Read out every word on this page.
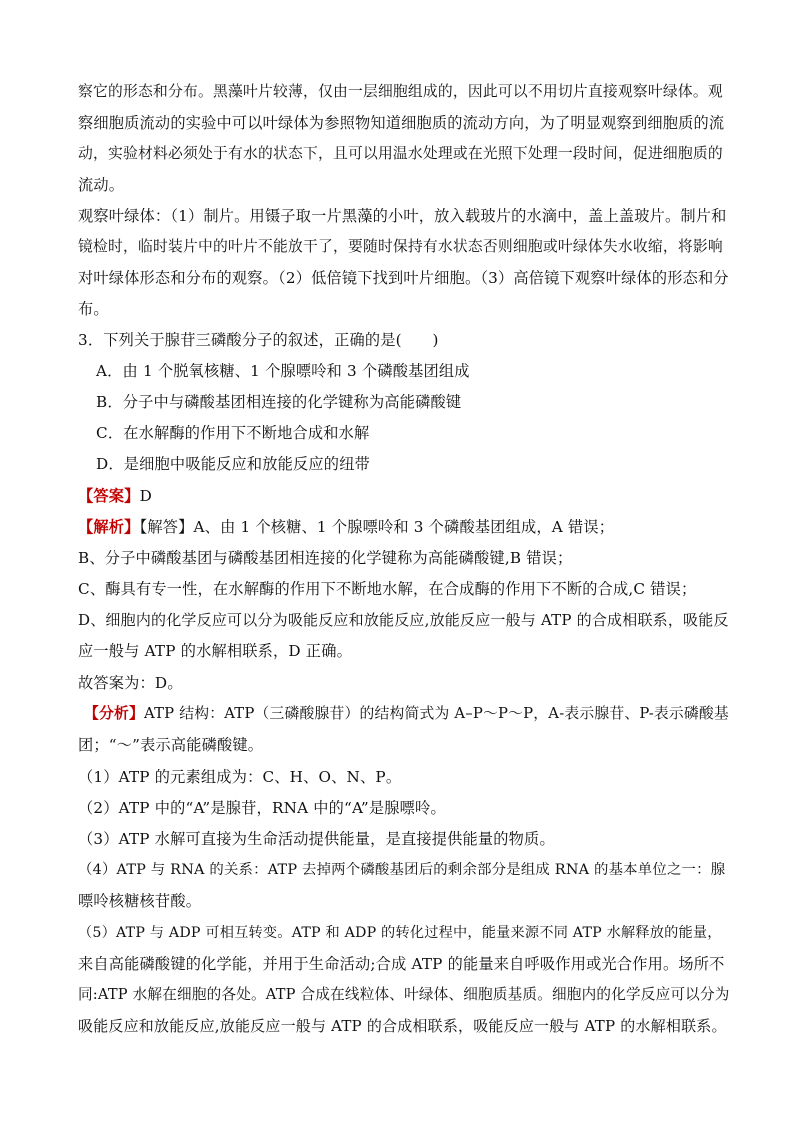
察它的形态和分布。黑藻叶片较薄，仅由一层细胞组成的，因此可以不用切片直接观察叶绿体。观
察细胞质流动的实验中可以叶绿体为参照物知道细胞质的流动方向，为了明显观察到细胞质的流
动，实验材料必须处于有水的状态下，且可以用温水处理或在光照下处理一段时间，促进细胞质的
流动。
观察叶绿体：（1）制片。用镊子取一片黑藻的小叶，放入载玻片的水滴中，盖上盖玻片。制片和
镜检时，临时装片中的叶片不能放干了，要随时保持有水状态否则细胞或叶绿体失水收缩，将影响
对叶绿体形态和分布的观察。（2）低倍镜下找到叶片细胞。（3）高倍镜下观察叶绿体的形态和分
布。
3．下列关于腺苷三磷酸分子的叙述，正确的是(　　)
A．由 1 个脱氧核糖、1 个腺嘌呤和 3 个磷酸基团组成
B．分子中与磷酸基团相连接的化学键称为高能磷酸键
C．在水解酶的作用下不断地合成和水解
D．是细胞中吸能反应和放能反应的纽带
【答案】D
【解析】【解答】A、由 1 个核糖、1 个腺嘌呤和 3 个磷酸基团组成，A 错误；
B、分子中磷酸基团与磷酸基团相连接的化学键称为高能磷酸键,B 错误；
C、酶具有专一性，在水解酶的作用下不断地水解，在合成酶的作用下不断的合成,C 错误；
D、细胞内的化学反应可以分为吸能反应和放能反应,放能反应一般与 ATP 的合成相联系，吸能反
应一般与 ATP 的水解相联系，D 正确。
故答案为：D。
【分析】ATP 结构：ATP（三磷酸腺苷）的结构简式为 A–P～P～P，A-表示腺苷、P-表示磷酸基
团；“～”表示高能磷酸键。
（1）ATP 的元素组成为：C、H、O、N、P。
（2）ATP 中的“A”是腺苷，RNA 中的“A”是腺嘌呤。
（3）ATP 水解可直接为生命活动提供能量，是直接提供能量的物质。
（4）ATP 与 RNA 的关系：ATP 去掉两个磷酸基团后的剩余部分是组成 RNA 的基本单位之一：腺
嘌呤核糖核苷酸。
（5）ATP 与 ADP 可相互转变。ATP 和 ADP 的转化过程中，能量来源不同 ATP 水解释放的能量，
来自高能磷酸键的化学能，并用于生命活动;合成 ATP 的能量来自呼吸作用或光合作用。场所不
同:ATP 水解在细胞的各处。ATP 合成在线粒体、叶绿体、细胞质基质。细胞内的化学反应可以分为
吸能反应和放能反应,放能反应一般与 ATP 的合成相联系，吸能反应一般与 ATP 的水解相联系。
